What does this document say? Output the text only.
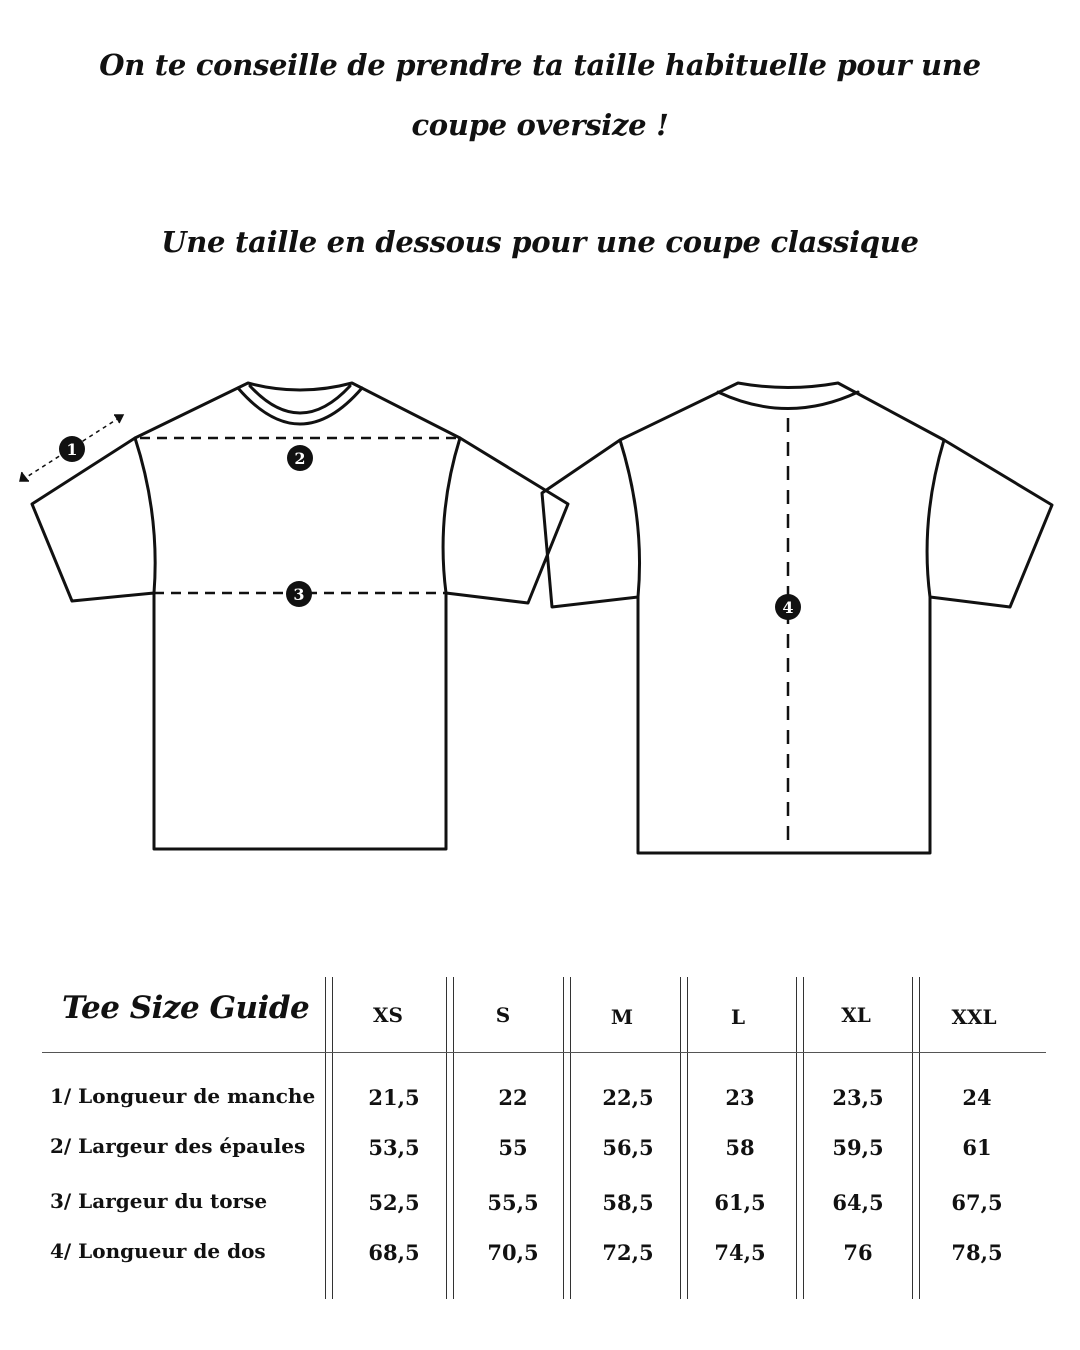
On te conseille de prendre ta taille habituelle pour une
coupe oversize !
Une taille en dessous pour une coupe classique
1	2
3
4
Tee Size Guide	XS	S	M	L	XL	XXL
1/ Longueur de manche	21,5	22	22,5	23	23,5	24
2/ Largeur des épaules	53,5	55	56,5	58	59,5	61
3/ Largeur du torse	52,5	55,5	58,5	61,5	64,5	67,5
4/ Longueur de dos	68,5	70,5	72,5	74,5	76	78,5
